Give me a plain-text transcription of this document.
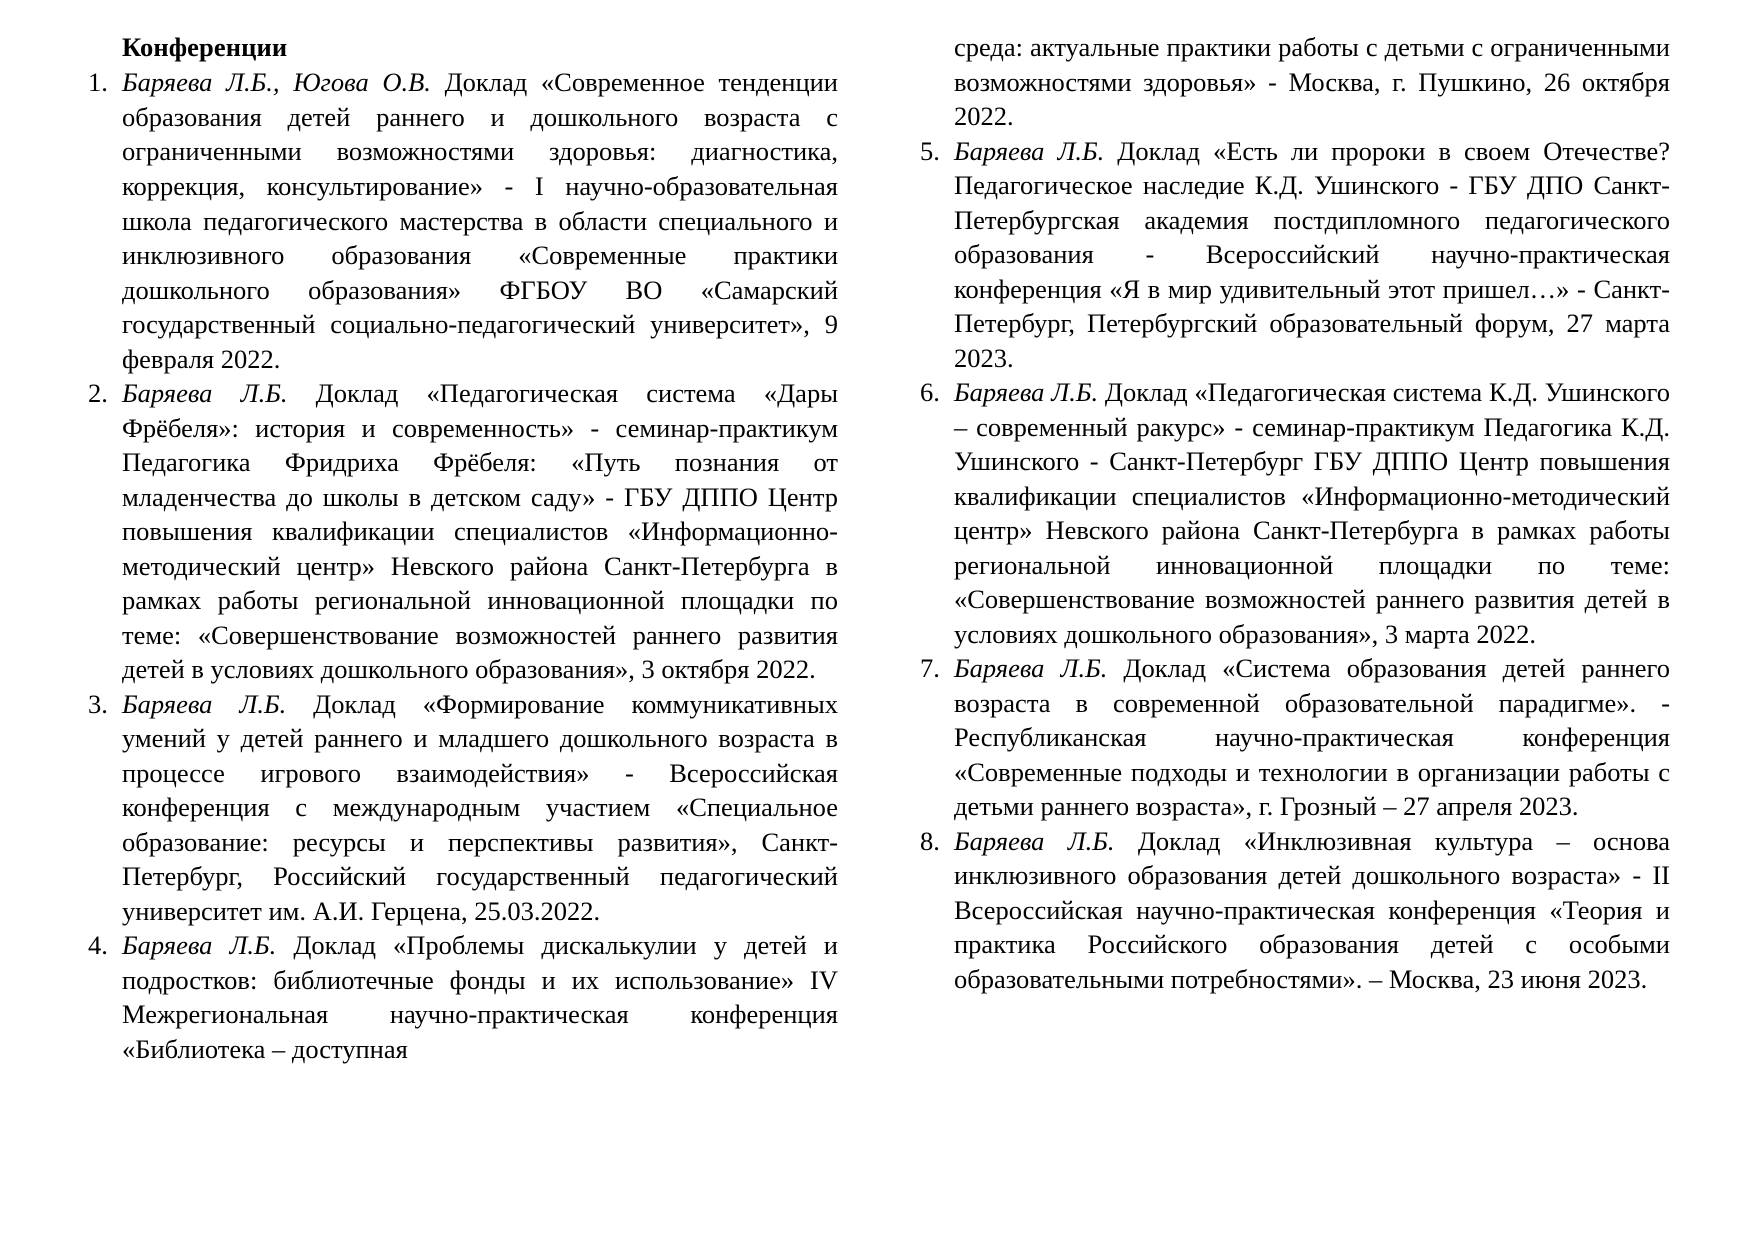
Конференции

Баряева Л.Б., Югова О.В. Доклад «Современное тенденции образования детей раннего и дошкольного возраста с ограниченными возможностями здоровья: диагностика, коррекция, консультирование» - I научно-образовательная школа педагогического мастерства в области специального и инклюзивного образования «Современные практики дошкольного образования» ФГБОУ ВО «Самарский государственный социально-педагогический университет», 9 февраля 2022.

Баряева Л.Б. Доклад «Педагогическая система «Дары Фрёбеля»: история и современность» - семинар-практикум Педагогика Фридриха Фрёбеля: «Путь познания от младенчества до школы в детском саду» - ГБУ ДППО Центр повышения квалификации специалистов «Информационно-методический центр» Невского района Санкт-Петербурга в рамках работы региональной инновационной площадки по теме: «Совершенствование возможностей раннего развития детей в условиях дошкольного образования», 3 октября 2022.

Баряева Л.Б. Доклад «Формирование коммуникативных умений у детей раннего и младшего дошкольного возраста в процессе игрового взаимодействия» - Всероссийская конференция с международным участием «Специальное образование: ресурсы и перспективы развития», Санкт-Петербург, Российский государственный педагогический университет им. А.И. Герцена, 25.03.2022.

Баряева Л.Б. Доклад «Проблемы дискалькулии у детей и подростков: библиотечные фонды и их использование» IV Межрегиональная научно-практическая конференция «Библиотека – доступная

среда: актуальные практики работы с детьми с ограниченными возможностями здоровья» - Москва, г. Пушкино, 26 октября 2022.

Баряева Л.Б. Доклад «Есть ли пророки в своем Отечестве? Педагогическое наследие К.Д. Ушинского - ГБУ ДПО Санкт-Петербургская академия постдипломного педагогического образования - Всероссийский научно-практическая конференция «Я в мир удивительный этот пришел…» - Санкт-Петербург, Петербургский образовательный форум, 27 марта 2023.

Баряева Л.Б. Доклад «Педагогическая система К.Д. Ушинского – современный ракурс» - семинар-практикум Педагогика К.Д. Ушинского - Санкт-Петербург ГБУ ДППО Центр повышения квалификации специалистов «Информационно-методический центр» Невского района Санкт-Петербурга в рамках работы региональной инновационной площадки по теме: «Совершенствование возможностей раннего развития детей в условиях дошкольного образования», 3 марта 2022.

Баряева Л.Б. Доклад «Система образования детей раннего возраста в современной образовательной парадигме». - Республиканская научно-практическая конференция «Современные подходы и технологии в организации работы с детьми раннего возраста», г. Грозный – 27 апреля 2023.

Баряева Л.Б. Доклад «Инклюзивная культура – основа инклюзивного образования детей дошкольного возраста» - II Всероссийская научно-практическая конференция «Теория и практика Российского образования детей с особыми образовательными потребностями». – Москва, 23 июня 2023.
